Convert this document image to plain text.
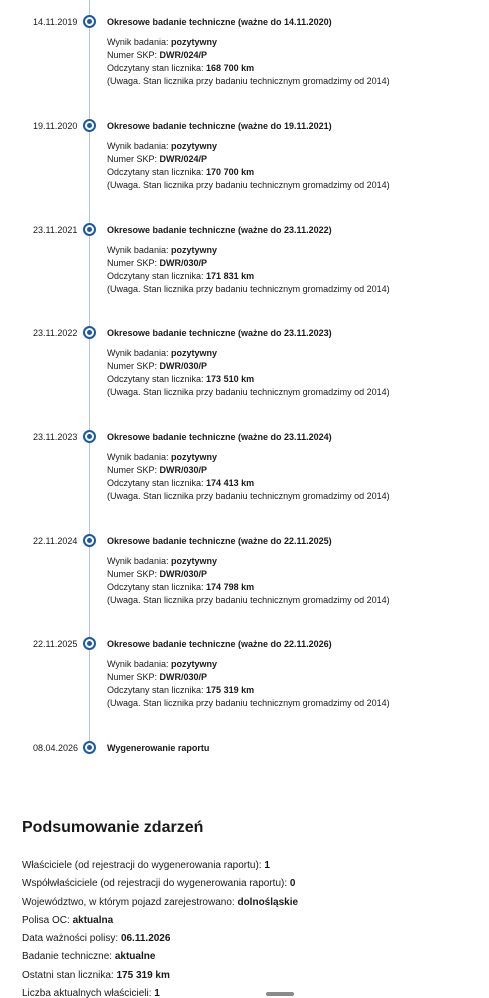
14.11.2019	Okresowe badanie techniczne (ważne do 14.11.2020)
Wynik badania: pozytywny
Numer SKP: DWR/024/P
Odczytany stan licznika: 168 700 km
(Uwaga. Stan licznika przy badaniu technicznym gromadzimy od 2014)
19.11.2020	Okresowe badanie techniczne (ważne do 19.11.2021)
Wynik badania: pozytywny
Numer SKP: DWR/024/P
Odczytany stan licznika: 170 700 km
(Uwaga. Stan licznika przy badaniu technicznym gromadzimy od 2014)
23.11.2021	Okresowe badanie techniczne (ważne do 23.11.2022)
Wynik badania: pozytywny
Numer SKP: DWR/030/P
Odczytany stan licznika: 171 831 km
(Uwaga. Stan licznika przy badaniu technicznym gromadzimy od 2014)
23.11.2022	Okresowe badanie techniczne (ważne do 23.11.2023)
Wynik badania: pozytywny
Numer SKP: DWR/030/P
Odczytany stan licznika: 173 510 km
(Uwaga. Stan licznika przy badaniu technicznym gromadzimy od 2014)
23.11.2023	Okresowe badanie techniczne (ważne do 23.11.2024)
Wynik badania: pozytywny
Numer SKP: DWR/030/P
Odczytany stan licznika: 174 413 km
(Uwaga. Stan licznika przy badaniu technicznym gromadzimy od 2014)
22.11.2024	Okresowe badanie techniczne (ważne do 22.11.2025)
Wynik badania: pozytywny
Numer SKP: DWR/030/P
Odczytany stan licznika: 174 798 km
(Uwaga. Stan licznika przy badaniu technicznym gromadzimy od 2014)
22.11.2025	Okresowe badanie techniczne (ważne do 22.11.2026)
Wynik badania: pozytywny
Numer SKP: DWR/030/P
Odczytany stan licznika: 175 319 km
(Uwaga. Stan licznika przy badaniu technicznym gromadzimy od 2014)
08.04.2026	Wygenerowanie raportu
Podsumowanie zdarzeń
Właściciele (od rejestracji do wygenerowania raportu): 1
Współwłaściciele (od rejestracji do wygenerowania raportu): 0
Województwo, w którym pojazd zarejestrowano: dolnośląskie
Polisa OC: aktualna
Data ważności polisy: 06.11.2026
Badanie techniczne: aktualne
Ostatni stan licznika: 175 319 km
Liczba aktualnych właścicieli: 1
